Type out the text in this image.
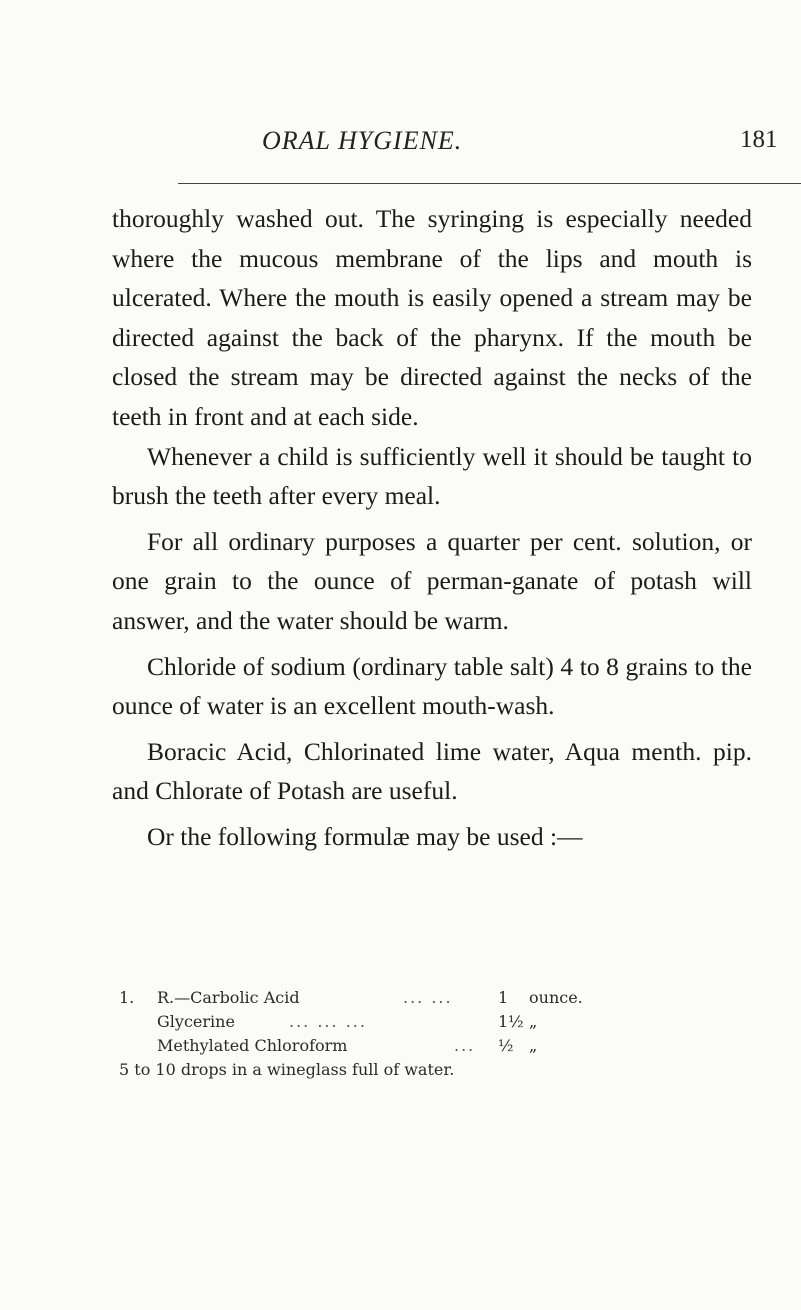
ORAL HYGIENE.	181

thoroughly washed out. The syringing is especially needed where the mucous membrane of the lips and mouth is ulcerated. Where the mouth is easily opened a stream may be directed against the back of the pharynx. If the mouth be closed the stream may be directed against the necks of the teeth in front and at each side.

Whenever a child is sufficiently well it should be taught to brush the teeth after every meal.

For all ordinary purposes a quarter per cent. solution, or one grain to the ounce of perman-ganate of potash will answer, and the water should be warm.

Chloride of sodium (ordinary table salt) 4 to 8 grains to the ounce of water is an excellent mouth-wash.

Boracic Acid, Chlorinated lime water, Aqua menth. pip. and Chlorate of Potash are useful.

Or the following formulæ may be used :—

1. R.—Carbolic Acid	... ...	1 ounce.
Glycerine	... ... ...	1½ „
Methylated Chloroform	...	½ „
5 to 10 drops in a wineglass full of water.
